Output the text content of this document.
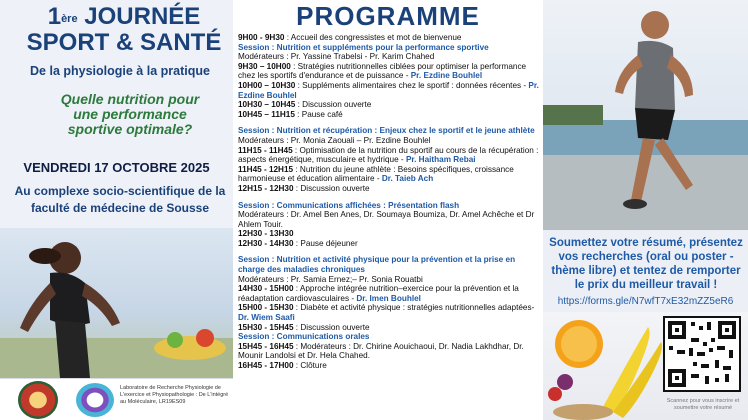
1ère JOURNÉE
SPORT & SANTÉ
De la physiologie à la pratique
Quelle nutrition pour une performance sportive optimale?
VENDREDI 17 OCTOBRE 2025
Au complexe socio-scientifique de la faculté de médecine de Sousse
Laboratoire de Recherche Physiologie de L'exercice et Physiopathologie : De L'intégré au Moléculaire, LR19ES09
PROGRAMME
9H00 - 9H30 : Accueil des congressistes et mot de bienvenue
Session : Nutrition et suppléments pour la performance sportive
Modérateurs : Pr. Yassine Trabelsi - Pr. Karim Chahed
9H30 – 10H00 : Stratégies nutritionnelles ciblées pour optimiser la performance chez les sportifs d'endurance et de puissance - Pr. Ezdine Bouhlel
10H00 – 10H30 : Suppléments alimentaires chez le sportif : données récentes - Pr. Ezdine Bouhlel
10H30 – 10H45 : Discussion ouverte
10H45 – 11H15 : Pause café
Session : Nutrition et récupération : Enjeux chez le sportif et le jeune athlète
Modérateurs : Pr. Monia Zaouali – Pr. Ezdine Bouhlel
11H15 - 11H45 : Optimisation de la nutrition du sportif au cours de la récupération : aspects énergétique, musculaire et hydrique - Pr. Haitham Rebai
11H45 - 12H15 : Nutrition du jeune athlète : Besoins spécifiques, croissance harmonieuse et éducation alimentaire - Dr. Taieb Ach
12H15 - 12H30 : Discussion ouverte
Session : Communications affichées : Présentation flash
Modérateurs : Dr. Amel Ben Anes, Dr. Soumaya Boumiza, Dr. Amel Achêche et Dr Ahlem Touir.
12H30 - 13H30
12H30 - 14H30 : Pause déjeuner
Session : Nutrition et activité physique pour la prévention et la prise en charge des maladies chroniques
Modérateurs : Pr. Samia Ernez;– Pr. Sonia Rouatbi
14H30 - 15H00 : Approche intégrée nutrition–exercice pour la prévention et la réadaptation cardiovasculaires - Dr. Imen Bouhlel
15H00 - 15H30 : Diabète et activité physique : stratégies nutritionnelles adaptées- Dr. Wiem Saafi
15H30 - 15H45 : Discussion ouverte
Session : Communications orales
15H45 - 16H45 : Modérateurs : Dr. Chirine Aouichaoui, Dr. Nadia Lakhdhar, Dr. Mounir Landolsi et Dr. Hela Chahed.
16H45 - 17H00 : Clôture
Soumettez votre résumé, présentez vos recherches (oral ou poster - thème libre) et tentez de remporter le prix du meilleur travail !
https://forms.gle/N7wfT7xE32mZZ5eR6
Scannez pour vous inscrire et soumettre votre résumé
